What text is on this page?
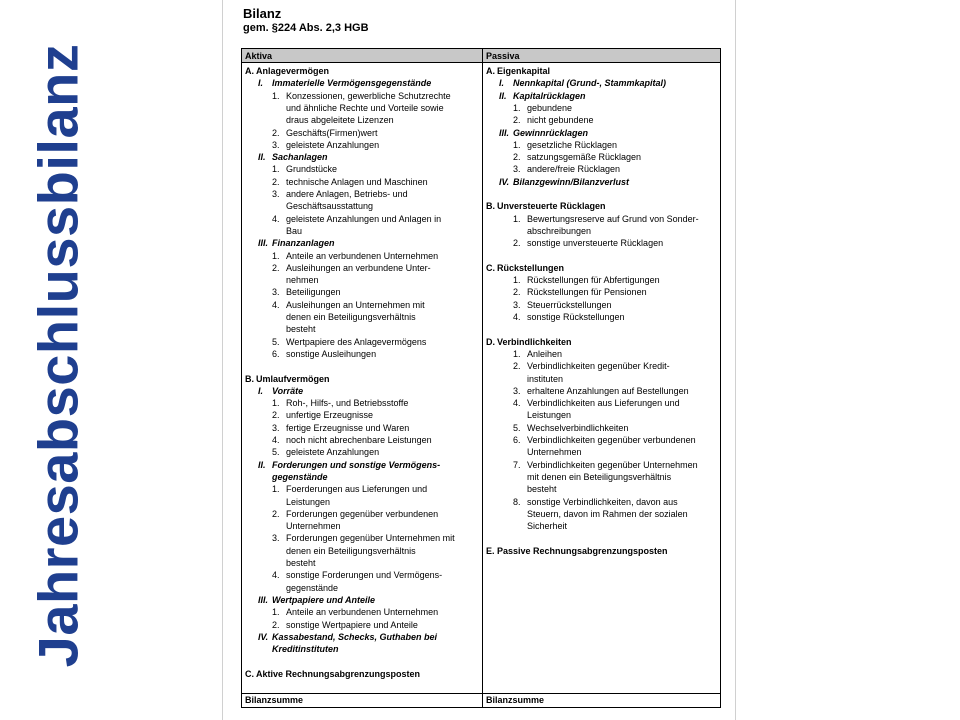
Jahresabschlussbilanz
Bilanz
gem. §224 Abs. 2,3 HGB
Aktiva
A. Anlagevermögen
I. Immaterielle Vermögensgegenstände
1. Konzessionen, gewerbliche Schutzrechte
und ähnliche Rechte und Vorteile sowie
draus abgeleitete Lizenzen
2. Geschäfts(Firmen)wert
3. geleistete Anzahlungen
II. Sachanlagen
1. Grundstücke
2. technische Anlagen und Maschinen
3. andere Anlagen, Betriebs- und
Geschäftsausstattung
4. geleistete Anzahlungen und Anlagen in
Bau
III. Finanzanlagen
1. Anteile an verbundenen Unternehmen
2. Ausleihungen an verbundene Unter-
nehmen
3. Beteiligungen
4. Ausleihungen an Unternehmen mit
denen ein Beteiligungsverhältnis
besteht
5. Wertpapiere des Anlagevermögens
6. sonstige Ausleihungen
B. Umlaufvermögen
I. Vorräte
1. Roh-, Hilfs-, und Betriebsstoffe
2. unfertige Erzeugnisse
3. fertige Erzeugnisse und Waren
4. noch nicht abrechenbare Leistungen
5. geleistete Anzahlungen
II. Forderungen und sonstige Vermögens-
gegenstände
1. Foerderungen aus Lieferungen und
Leistungen
2. Forderungen gegenüber verbundenen
Unternehmen
3. Forderungen gegenüber Unternehmen mit
denen ein Beteiligungsverhältnis
besteht
4. sonstige Forderungen und Vermögens-
gegenstände
III. Wertpapiere und Anteile
1. Anteile an verbundenen Unternehmen
2. sonstige Wertpapiere und Anteile
IV. Kassabestand, Schecks, Guthaben bei
Kreditinstituten
C. Aktive Rechnungsabgrenzungsposten
Bilanzsumme
Passiva
A. Eigenkapital
I. Nennkapital (Grund-, Stammkapital)
II. Kapitalrücklagen
1. gebundene
2. nicht gebundene
III. Gewinnrücklagen
1. gesetzliche Rücklagen
2. satzungsgemäße Rücklagen
3. andere/freie Rücklagen
IV. Bilanzgewinn/Bilanzverlust
B. Unversteuerte Rücklagen
1. Bewertungsreserve auf Grund von Sonder-
abschreibungen
2. sonstige unversteuerte Rücklagen
C. Rückstellungen
1. Rückstellungen für Abfertigungen
2. Rückstellungen für Pensionen
3. Steuerrückstellungen
4. sonstige Rückstellungen
D. Verbindlichkeiten
1. Anleihen
2. Verbindlichkeiten gegenüber Kredit-
instituten
3. erhaltene Anzahlungen auf Bestellungen
4. Verbindlichkeiten aus Lieferungen und
Leistungen
5. Wechselverbindlichkeiten
6. Verbindlichkeiten gegenüber verbundenen
Unternehmen
7. Verbindlichkeiten gegenüber Unternehmen
mit denen ein Beteiligungsverhältnis
besteht
8. sonstige Verbindlichkeiten, davon aus
Steuern, davon im Rahmen der sozialen
Sicherheit
E. Passive Rechnungsabgrenzungsposten
Bilanzsumme
